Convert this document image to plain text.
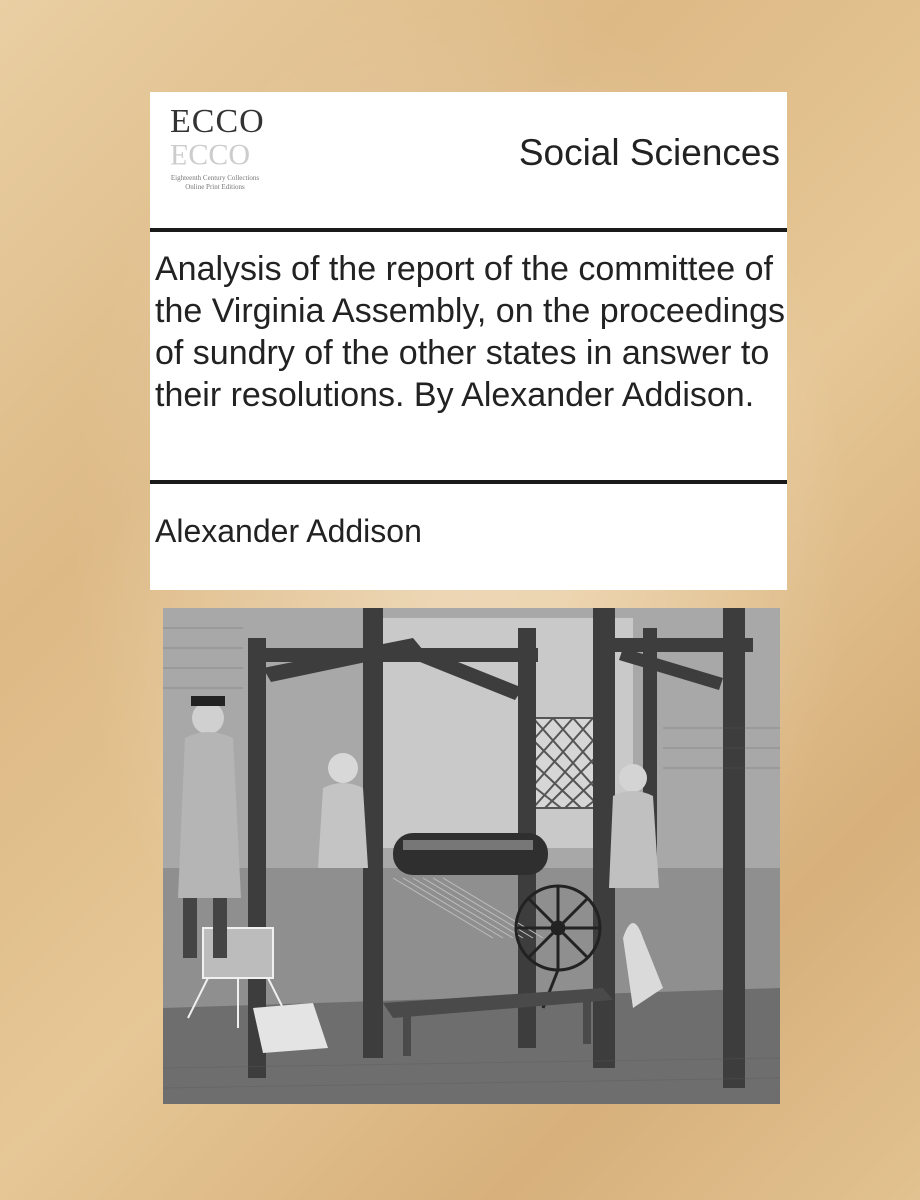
ECCO
ECCO
Eighteenth Century Collections Online Print Editions
Social Sciences
Analysis of the report of the committee of the Virginia Assembly, on the proceedings of sundry of the other states in answer to their resolutions. By Alexander Addison.
Alexander Addison
